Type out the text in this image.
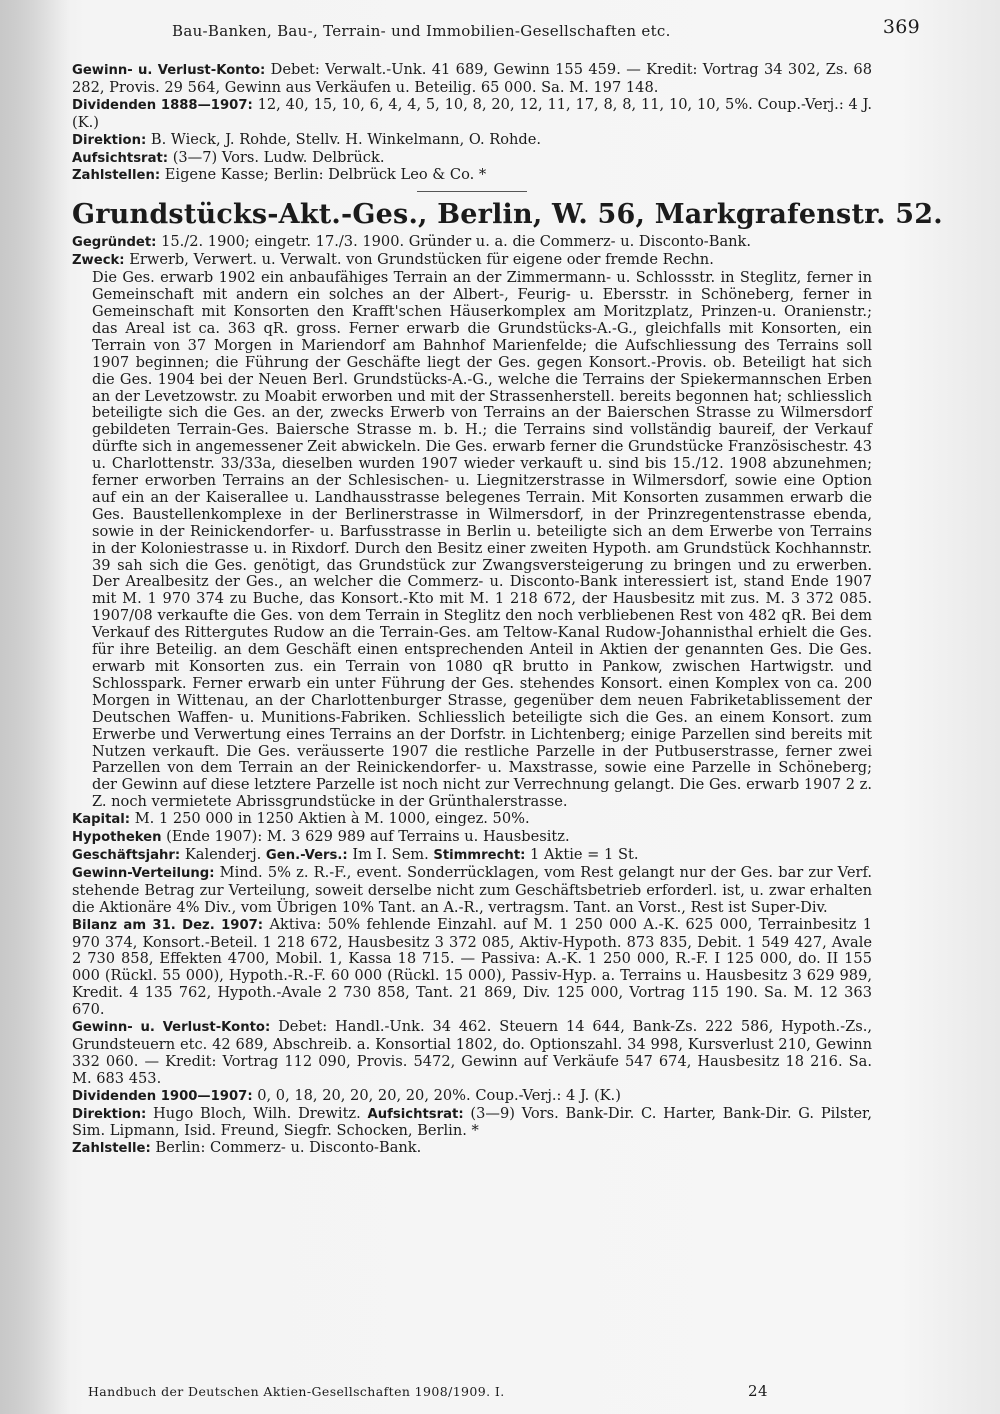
Bau-Banken, Bau-, Terrain- und Immobilien-Gesellschaften etc.	369

Gewinn- u. Verlust-Konto: Debet: Verwalt.-Unk. 41 689, Gewinn 155 459. — Kredit: Vortrag 34 302, Zs. 68 282, Provis. 29 564, Gewinn aus Verkäufen u. Beteilig. 65 000. Sa. M. 197 148.

Dividenden 1888—1907: 12, 40, 15, 10, 6, 4, 4, 5, 10, 8, 20, 12, 11, 17, 8, 8, 11, 10, 10, 5%. Coup.-Verj.: 4 J. (K.)

Direktion: B. Wieck, J. Rohde, Stellv. H. Winkelmann, O. Rohde.

Aufsichtsrat: (3—7) Vors. Ludw. Delbrück.

Zahlstellen: Eigene Kasse; Berlin: Delbrück Leo & Co. *

Grundstücks-Akt.-Ges., Berlin, W. 56, Markgrafenstr. 52.

Gegründet: 15./2. 1900; eingetr. 17./3. 1900. Gründer u. a. die Commerz- u. Disconto-Bank.

Zweck: Erwerb, Verwert. u. Verwalt. von Grundstücken für eigene oder fremde Rechn.

Die Ges. erwarb 1902 ein anbaufähiges Terrain an der Zimmermann- u. Schlossstr. in Steglitz, ferner in Gemeinschaft mit andern ein solches an der Albert-, Feurig- u. Ebersstr. in Schöneberg, ferner in Gemeinschaft mit Konsorten den Krafft'schen Häuserkomplex am Moritzplatz, Prinzen-u. Oranienstr.; das Areal ist ca. 363 qR. gross. Ferner erwarb die Grundstücks-A.-G., gleichfalls mit Konsorten, ein Terrain von 37 Morgen in Mariendorf am Bahnhof Marienfelde; die Aufschliessung des Terrains soll 1907 beginnen; die Führung der Geschäfte liegt der Ges. gegen Konsort.-Provis. ob. Beteiligt hat sich die Ges. 1904 bei der Neuen Berl. Grundstücks-A.-G., welche die Terrains der Spiekermannschen Erben an der Levetzowstr. zu Moabit erworben und mit der Strassenherstell. bereits begonnen hat; schliesslich beteiligte sich die Ges. an der, zwecks Erwerb von Terrains an der Baierschen Strasse zu Wilmersdorf gebildeten Terrain-Ges. Baiersche Strasse m. b. H.; die Terrains sind vollständig baureif, der Verkauf dürfte sich in angemessener Zeit abwickeln. Die Ges. erwarb ferner die Grundstücke Französischestr. 43 u. Charlottenstr. 33/33a, dieselben wurden 1907 wieder verkauft u. sind bis 15./12. 1908 abzunehmen; ferner erworben Terrains an der Schlesischen- u. Liegnitzerstrasse in Wilmersdorf, sowie eine Option auf ein an der Kaiserallee u. Landhausstrasse belegenes Terrain. Mit Konsorten zusammen erwarb die Ges. Baustellenkomplexe in der Berlinerstrasse in Wilmersdorf, in der Prinzregentenstrasse ebenda, sowie in der Reinickendorfer- u. Barfusstrasse in Berlin u. beteiligte sich an dem Erwerbe von Terrains in der Koloniestrasse u. in Rixdorf. Durch den Besitz einer zweiten Hypoth. am Grundstück Kochhannstr. 39 sah sich die Ges. genötigt, das Grundstück zur Zwangsversteigerung zu bringen und zu erwerben. Der Arealbesitz der Ges., an welcher die Commerz- u. Disconto-Bank interessiert ist, stand Ende 1907 mit M. 1 970 374 zu Buche, das Konsort.-Kto mit M. 1 218 672, der Hausbesitz mit zus. M. 3 372 085. 1907/08 verkaufte die Ges. von dem Terrain in Steglitz den noch verbliebenen Rest von 482 qR. Bei dem Verkauf des Rittergutes Rudow an die Terrain-Ges. am Teltow-Kanal Rudow-Johannisthal erhielt die Ges. für ihre Beteilig. an dem Geschäft einen entsprechenden Anteil in Aktien der genannten Ges. Die Ges. erwarb mit Konsorten zus. ein Terrain von 1080 qR brutto in Pankow, zwischen Hartwigstr. und Schlosspark. Ferner erwarb ein unter Führung der Ges. stehendes Konsort. einen Komplex von ca. 200 Morgen in Wittenau, an der Charlottenburger Strasse, gegenüber dem neuen Fabriketablissement der Deutschen Waffen- u. Munitions-Fabriken. Schliesslich beteiligte sich die Ges. an einem Konsort. zum Erwerbe und Verwertung eines Terrains an der Dorfstr. in Lichtenberg; einige Parzellen sind bereits mit Nutzen verkauft. Die Ges. veräusserte 1907 die restliche Parzelle in der Putbuserstrasse, ferner zwei Parzellen von dem Terrain an der Reinickendorfer- u. Maxstrasse, sowie eine Parzelle in Schöneberg; der Gewinn auf diese letztere Parzelle ist noch nicht zur Verrechnung gelangt. Die Ges. erwarb 1907 2 z. Z. noch vermietete Abrissgrundstücke in der Grünthalerstrasse.

Kapital: M. 1 250 000 in 1250 Aktien à M. 1000, eingez. 50%.

Hypotheken (Ende 1907): M. 3 629 989 auf Terrains u. Hausbesitz.

Geschäftsjahr: Kalenderj. Gen.-Vers.: Im I. Sem. Stimmrecht: 1 Aktie = 1 St.

Gewinn-Verteilung: Mind. 5% z. R.-F., event. Sonderrücklagen, vom Rest gelangt nur der Ges. bar zur Verf. stehende Betrag zur Verteilung, soweit derselbe nicht zum Geschäftsbetrieb erforderl. ist, u. zwar erhalten die Aktionäre 4% Div., vom Übrigen 10% Tant. an A.-R., vertragsm. Tant. an Vorst., Rest ist Super-Div.

Bilanz am 31. Dez. 1907: Aktiva: 50% fehlende Einzahl. auf M. 1 250 000 A.-K. 625 000, Terrainbesitz 1 970 374, Konsort.-Beteil. 1 218 672, Hausbesitz 3 372 085, Aktiv-Hypoth. 873 835, Debit. 1 549 427, Avale 2 730 858, Effekten 4700, Mobil. 1, Kassa 18 715. — Passiva: A.-K. 1 250 000, R.-F. I 125 000, do. II 155 000 (Rückl. 55 000), Hypoth.-R.-F. 60 000 (Rückl. 15 000), Passiv-Hyp. a. Terrains u. Hausbesitz 3 629 989, Kredit. 4 135 762, Hypoth.-Avale 2 730 858, Tant. 21 869, Div. 125 000, Vortrag 115 190. Sa. M. 12 363 670.

Gewinn- u. Verlust-Konto: Debet: Handl.-Unk. 34 462. Steuern 14 644, Bank-Zs. 222 586, Hypoth.-Zs., Grundsteuern etc. 42 689, Abschreib. a. Konsortial 1802, do. Optionszahl. 34 998, Kursverlust 210, Gewinn 332 060. — Kredit: Vortrag 112 090, Provis. 5472, Gewinn auf Verkäufe 547 674, Hausbesitz 18 216. Sa. M. 683 453.

Dividenden 1900—1907: 0, 0, 18, 20, 20, 20, 20, 20%. Coup.-Verj.: 4 J. (K.)

Direktion: Hugo Bloch, Wilh. Drewitz. Aufsichtsrat: (3—9) Vors. Bank-Dir. C. Harter, Bank-Dir. G. Pilster, Sim. Lipmann, Isid. Freund, Siegfr. Schocken, Berlin. *

Zahlstelle: Berlin: Commerz- u. Disconto-Bank.

Handbuch der Deutschen Aktien-Gesellschaften 1908/1909. I.	24
